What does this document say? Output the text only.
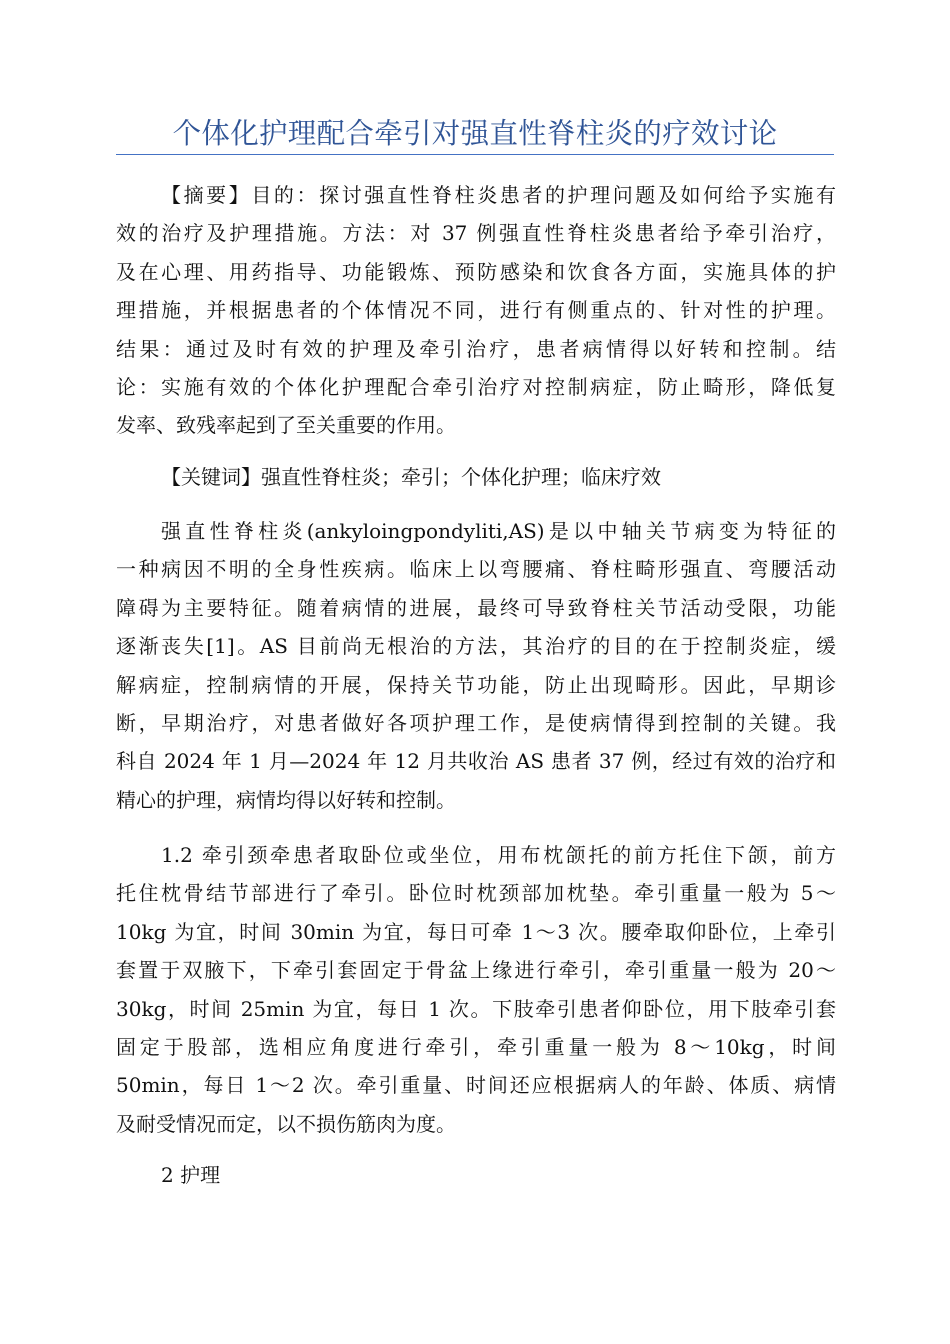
个体化护理配合牵引对强直性脊柱炎的疗效讨论
【摘要】目的：探讨强直性脊柱炎患者的护理问题及如何给予实施有
效的治疗及护理措施。方法：对 37 例强直性脊柱炎患者给予牵引治疗，
及在心理、用药指导、功能锻炼、预防感染和饮食各方面，实施具体的护
理措施，并根据患者的个体情况不同，进行有侧重点的、针对性的护理。
结果：通过及时有效的护理及牵引治疗，患者病情得以好转和控制。结
论：实施有效的个体化护理配合牵引治疗对控制病症，防止畸形，降低复
发率、致残率起到了至关重要的作用。
【关键词】强直性脊柱炎；牵引；个体化护理；临床疗效
强直性脊柱炎(ankyloingpondyliti,AS)是以中轴关节病变为特征的
一种病因不明的全身性疾病。临床上以弯腰痛、脊柱畸形强直、弯腰活动
障碍为主要特征。随着病情的进展，最终可导致脊柱关节活动受限，功能
逐渐丧失[1]。AS 目前尚无根治的方法，其治疗的目的在于控制炎症，缓
解病症，控制病情的开展，保持关节功能，防止出现畸形。因此，早期诊
断，早期治疗，对患者做好各项护理工作，是使病情得到控制的关键。我
科自 2024 年 1 月—2024 年 12 月共收治 AS 患者 37 例，经过有效的治疗和
精心的护理，病情均得以好转和控制。
1.2 牵引颈牵患者取卧位或坐位，用布枕颌托的前方托住下颌，前方
托住枕骨结节部进行了牵引。卧位时枕颈部加枕垫。牵引重量一般为 5～
10kg 为宜，时间 30min 为宜，每日可牵 1～3 次。腰牵取仰卧位，上牵引
套置于双腋下，下牵引套固定于骨盆上缘进行牵引，牵引重量一般为 20～
30kg，时间 25min 为宜，每日 1 次。下肢牵引患者仰卧位，用下肢牵引套
固定于股部，选相应角度进行牵引，牵引重量一般为 8～10kg，时间
50min，每日 1～2 次。牵引重量、时间还应根据病人的年龄、体质、病情
及耐受情况而定，以不损伤筋肉为度。
2 护理
